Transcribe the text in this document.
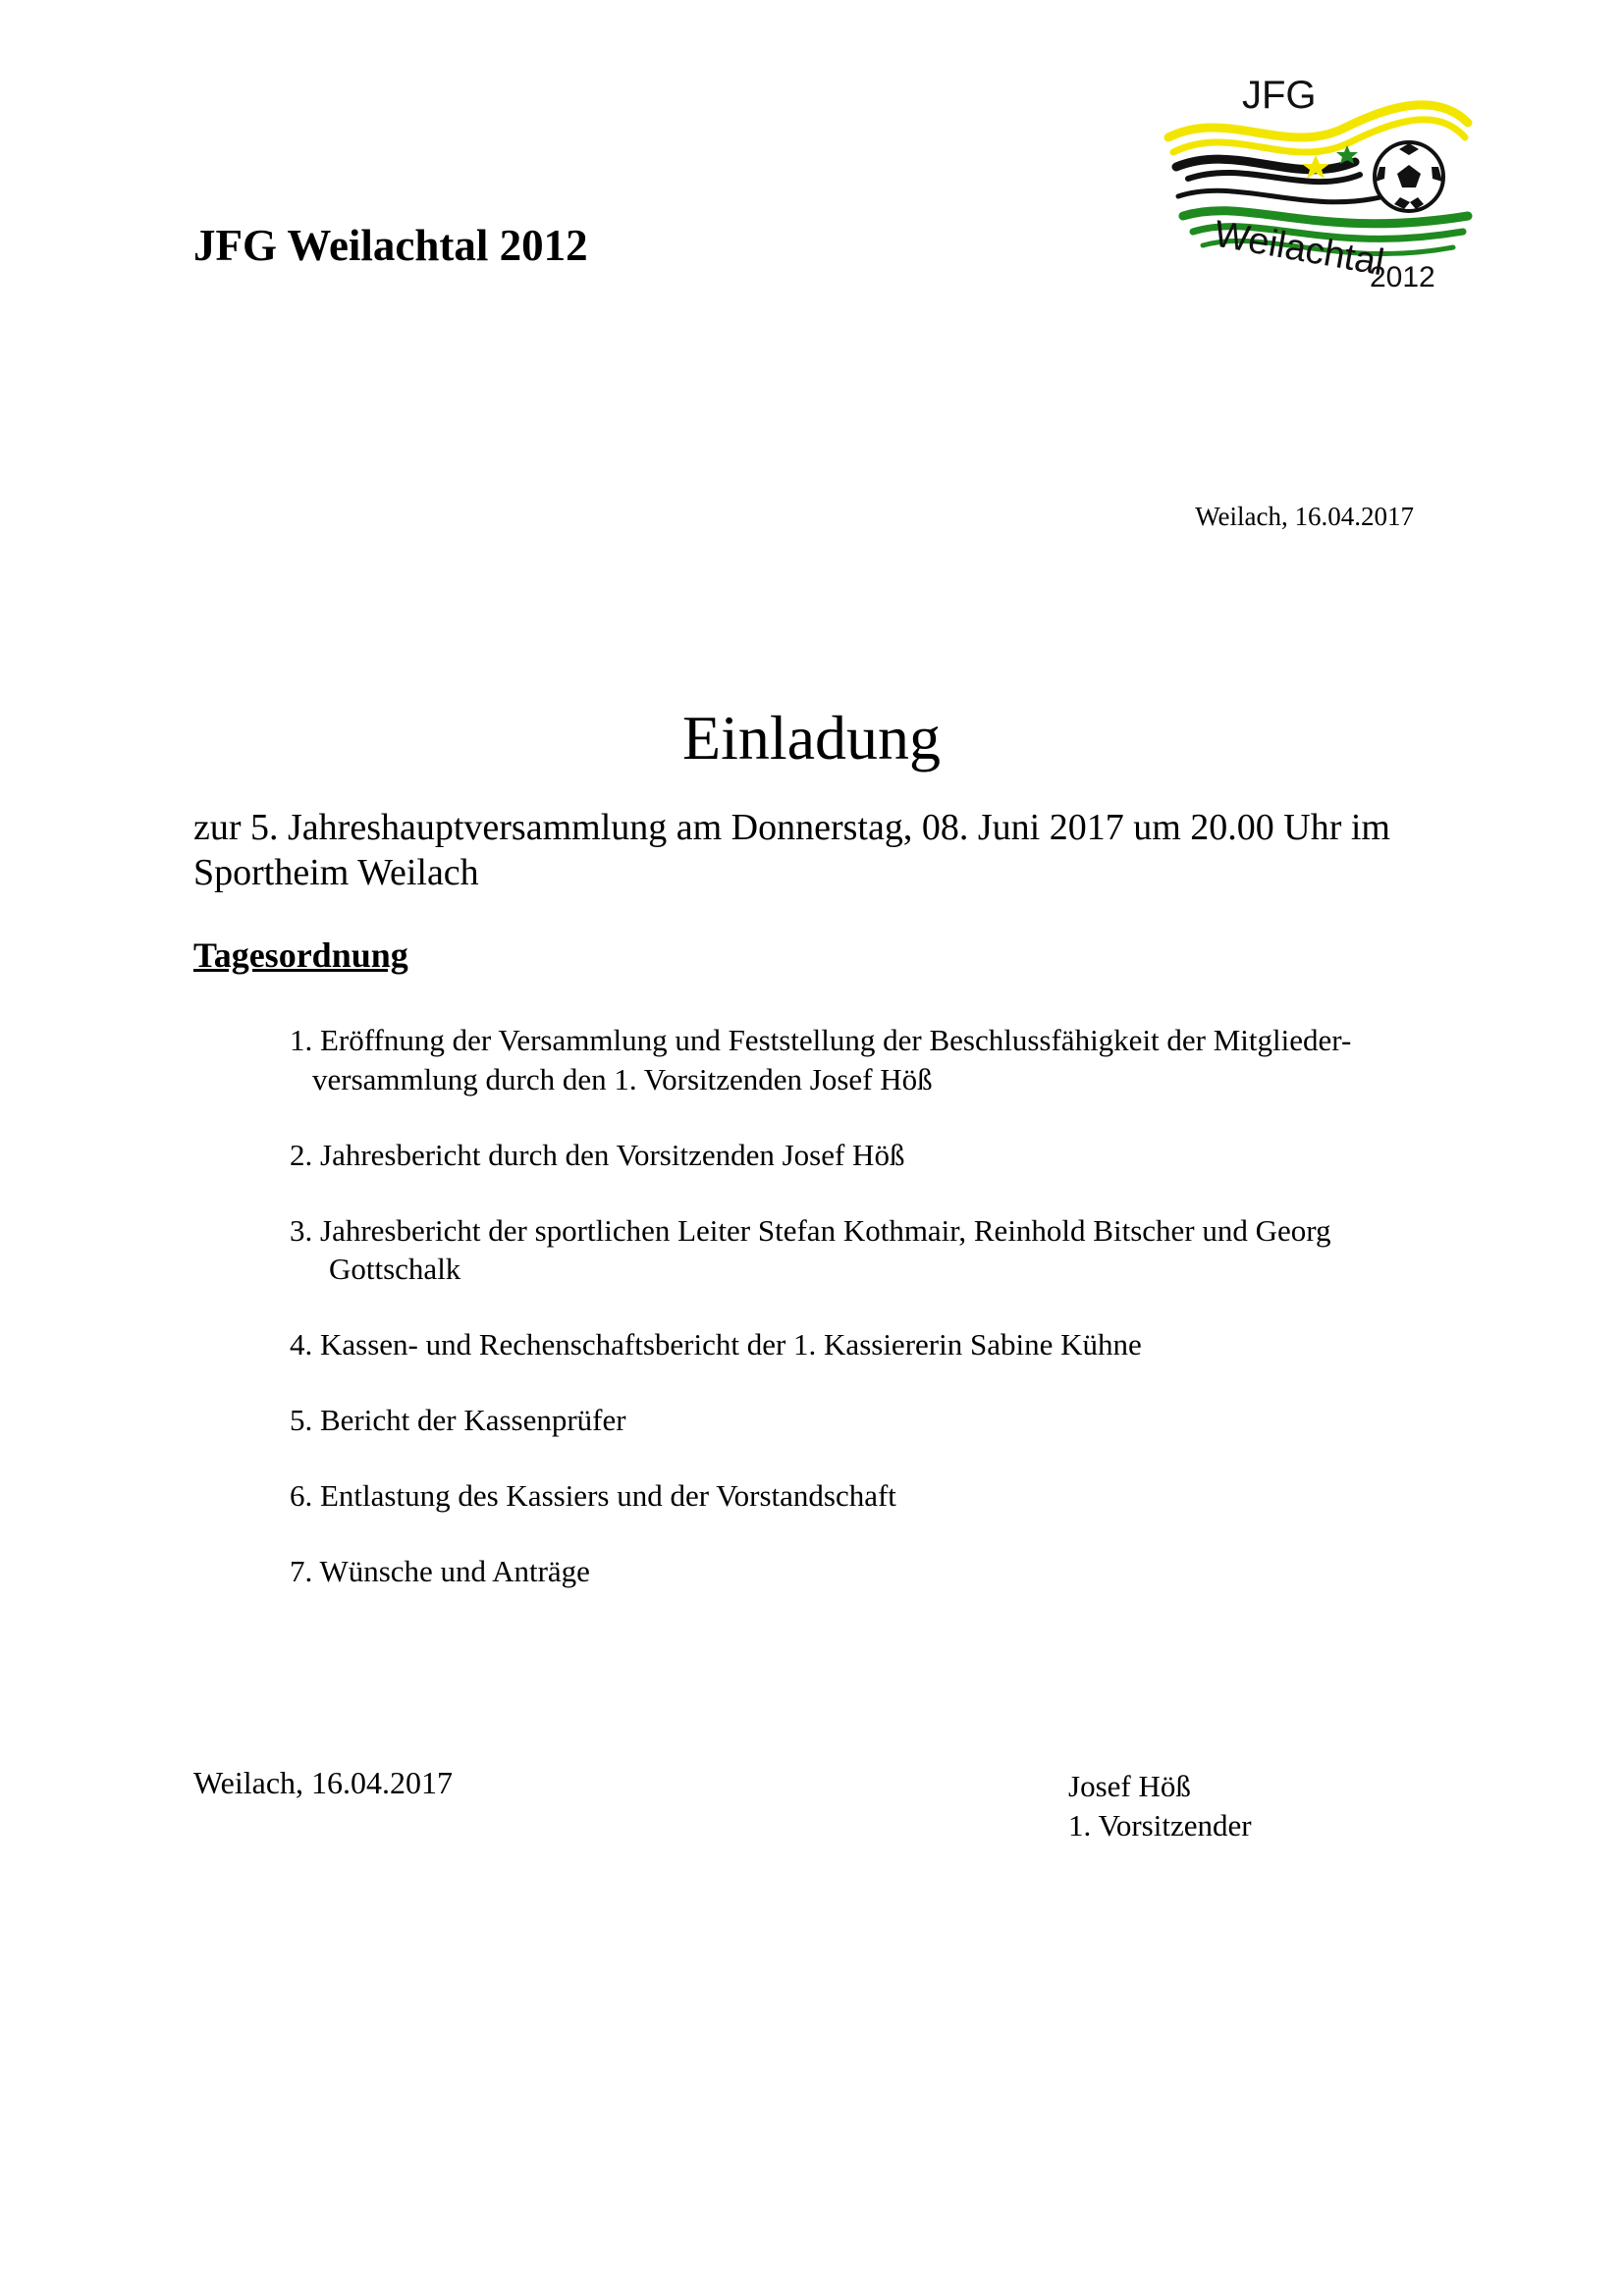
JFG Weilachtal 2012
JFG
Weilachtal
2012
Weilach, 16.04.2017
Einladung
zur 5. Jahreshauptversammlung am Donnerstag, 08. Juni 2017 um 20.00 Uhr im Sportheim Weilach
Tagesordnung
1. Eröffnung der Versammlung und Feststellung der Beschlussfähigkeit der Mitglieder-
versammlung durch den 1. Vorsitzenden Josef Höß
2. Jahresbericht durch den Vorsitzenden Josef Höß
3. Jahresbericht der sportlichen Leiter Stefan Kothmair, Reinhold Bitscher und Georg
Gottschalk
4. Kassen- und Rechenschaftsbericht der 1. Kassiererin Sabine Kühne
5. Bericht der Kassenprüfer
6. Entlastung des Kassiers und der Vorstandschaft
7. Wünsche und Anträge
Weilach, 16.04.2017	Josef Höß
1. Vorsitzender
